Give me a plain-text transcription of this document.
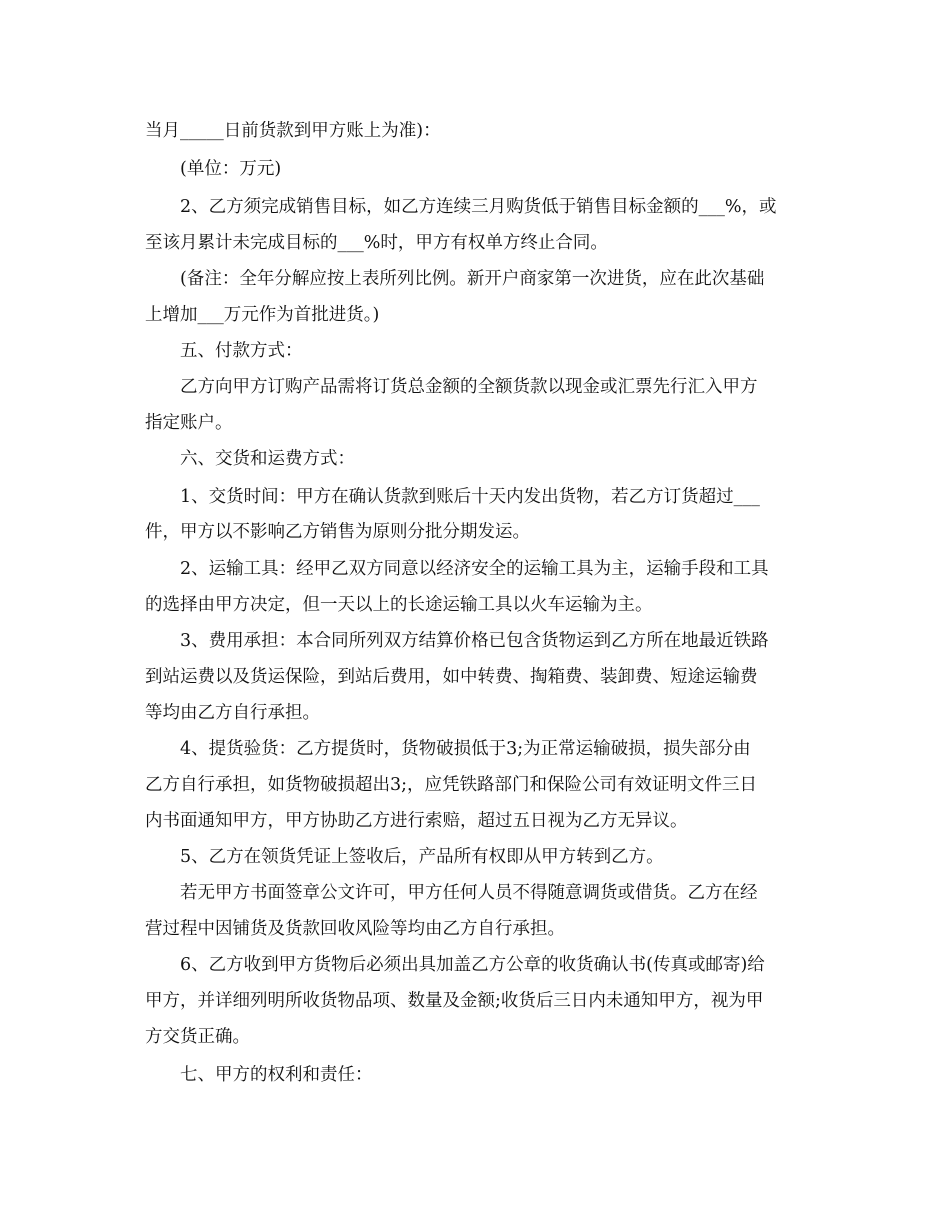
当月_____日前货款到甲方账上为准)：
(单位：万元)
2、乙方须完成销售目标，如乙方连续三月购货低于销售目标金额的___%，或
至该月累计未完成目标的___%时，甲方有权单方终止合同。
(备注：全年分解应按上表所列比例。新开户商家第一次进货，应在此次基础
上增加___万元作为首批进货。)
五、付款方式：
乙方向甲方订购产品需将订货总金额的全额货款以现金或汇票先行汇入甲方
指定账户。
六、交货和运费方式：
1、交货时间：甲方在确认货款到账后十天内发出货物，若乙方订货超过___
件，甲方以不影响乙方销售为原则分批分期发运。
2、运输工具：经甲乙双方同意以经济安全的运输工具为主，运输手段和工具
的选择由甲方决定，但一天以上的长途运输工具以火车运输为主。
3、费用承担：本合同所列双方结算价格已包含货物运到乙方所在地最近铁路
到站运费以及货运保险，到站后费用，如中转费、掏箱费、装卸费、短途运输费
等均由乙方自行承担。
4、提货验货：乙方提货时，货物破损低于3;为正常运输破损，损失部分由
乙方自行承担，如货物破损超出3;，应凭铁路部门和保险公司有效证明文件三日
内书面通知甲方，甲方协助乙方进行索赔，超过五日视为乙方无异议。
5、乙方在领货凭证上签收后，产品所有权即从甲方转到乙方。
若无甲方书面签章公文许可，甲方任何人员不得随意调货或借货。乙方在经
营过程中因铺货及货款回收风险等均由乙方自行承担。
6、乙方收到甲方货物后必须出具加盖乙方公章的收货确认书(传真或邮寄)给
甲方，并详细列明所收货物品项、数量及金额;收货后三日内未通知甲方，视为甲
方交货正确。
七、甲方的权利和责任：
